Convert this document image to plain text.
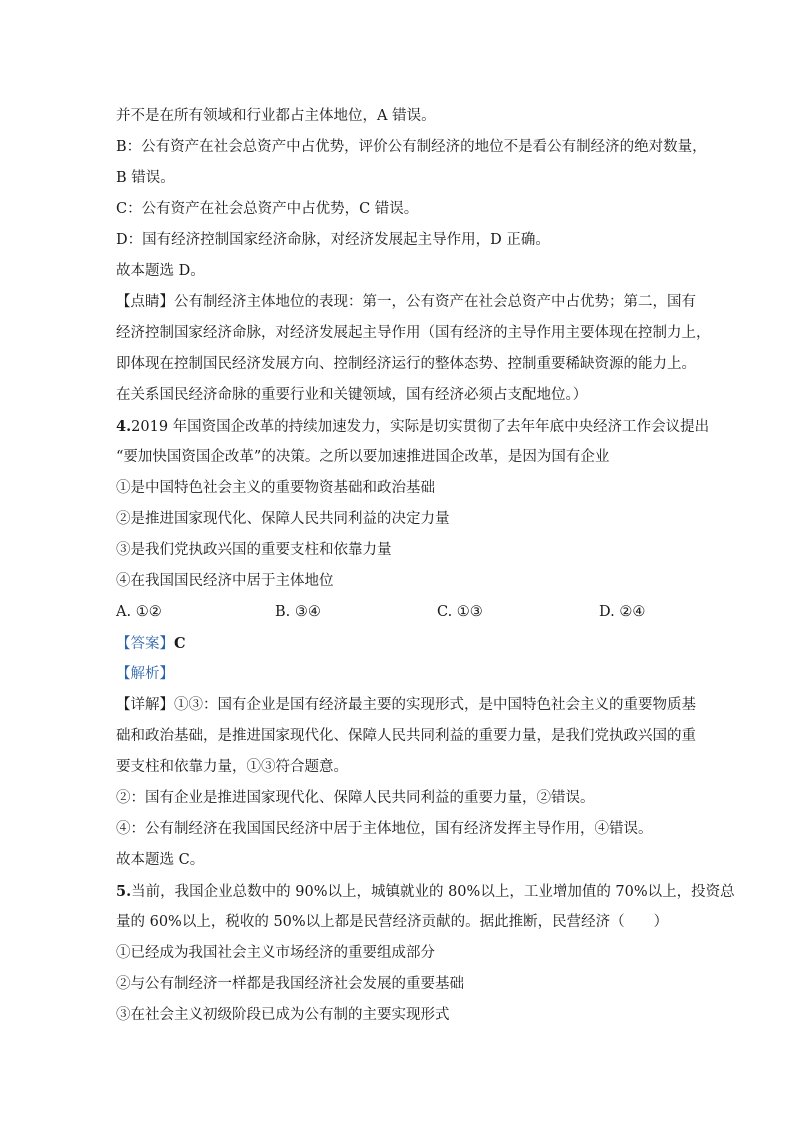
并不是在所有领域和行业都占主体地位，A 错误。
B：公有资产在社会总资产中占优势，评价公有制经济的地位不是看公有制经济的绝对数量，
B 错误。
C：公有资产在社会总资产中占优势，C 错误。
D：国有经济控制国家经济命脉，对经济发展起主导作用，D 正确。
故本题选 D。
【点睛】公有制经济主体地位的表现：第一，公有资产在社会总资产中占优势；第二，国有
经济控制国家经济命脉，对经济发展起主导作用（国有经济的主导作用主要体现在控制力上，
即体现在控制国民经济发展方向、控制经济运行的整体态势、控制重要稀缺资源的能力上。
在关系国民经济命脉的重要行业和关键领域，国有经济必须占支配地位。）
4.2019 年国资国企改革的持续加速发力，实际是切实贯彻了去年年底中央经济工作会议提出
“要加快国资国企改革”的决策。之所以要加速推进国企改革，是因为国有企业
①是中国特色社会主义的重要物资基础和政治基础
②是推进国家现代化、保障人民共同利益的决定力量
③是我们党执政兴国的重要支柱和依靠力量
④在我国国民经济中居于主体地位
A. ①②	B. ③④	C. ①③	D. ②④
【答案】C
【解析】
【详解】①③：国有企业是国有经济最主要的实现形式，是中国特色社会主义的重要物质基
础和政治基础，是推进国家现代化、保障人民共同利益的重要力量，是我们党执政兴国的重
要支柱和依靠力量，①③符合题意。
②：国有企业是推进国家现代化、保障人民共同利益的重要力量，②错误。
④：公有制经济在我国国民经济中居于主体地位，国有经济发挥主导作用，④错误。
故本题选 C。
5.当前，我国企业总数中的 90%以上，城镇就业的 80%以上，工业增加值的 70%以上，投资总
量的 60%以上，税收的 50%以上都是民营经济贡献的。据此推断，民营经济（　　）
①已经成为我国社会主义市场经济的重要组成部分
②与公有制经济一样都是我国经济社会发展的重要基础
③在社会主义初级阶段已成为公有制的主要实现形式
